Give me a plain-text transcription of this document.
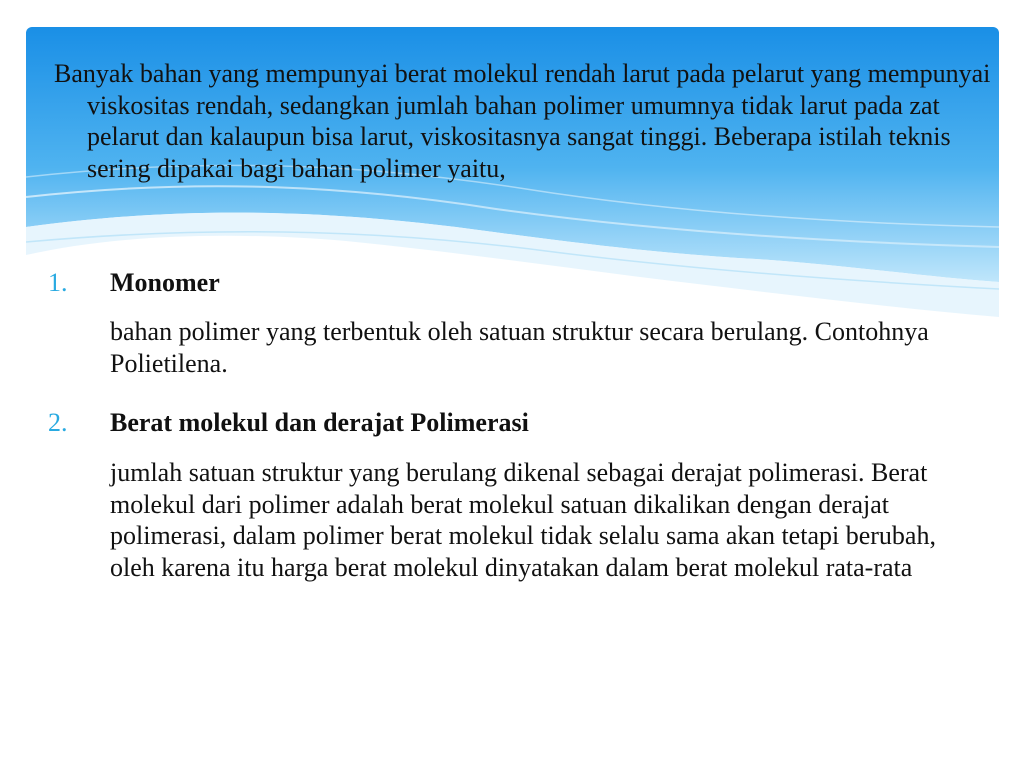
Banyak bahan yang mempunyai berat molekul rendah larut pada pelarut yang mempunyai viskositas rendah, sedangkan jumlah bahan polimer umumnya tidak larut pada zat pelarut dan kalaupun bisa larut, viskositasnya sangat tinggi. Beberapa istilah teknis sering dipakai bagi bahan polimer yaitu,

1. Monomer

bahan polimer yang terbentuk oleh satuan struktur secara berulang. Contohnya Polietilena.

2. Berat molekul dan derajat Polimerasi

jumlah satuan struktur yang berulang dikenal sebagai derajat polimerasi. Berat molekul dari polimer adalah berat molekul satuan dikalikan dengan derajat polimerasi, dalam polimer berat molekul tidak selalu sama akan tetapi berubah, oleh karena itu harga berat molekul dinyatakan dalam berat molekul rata-rata
